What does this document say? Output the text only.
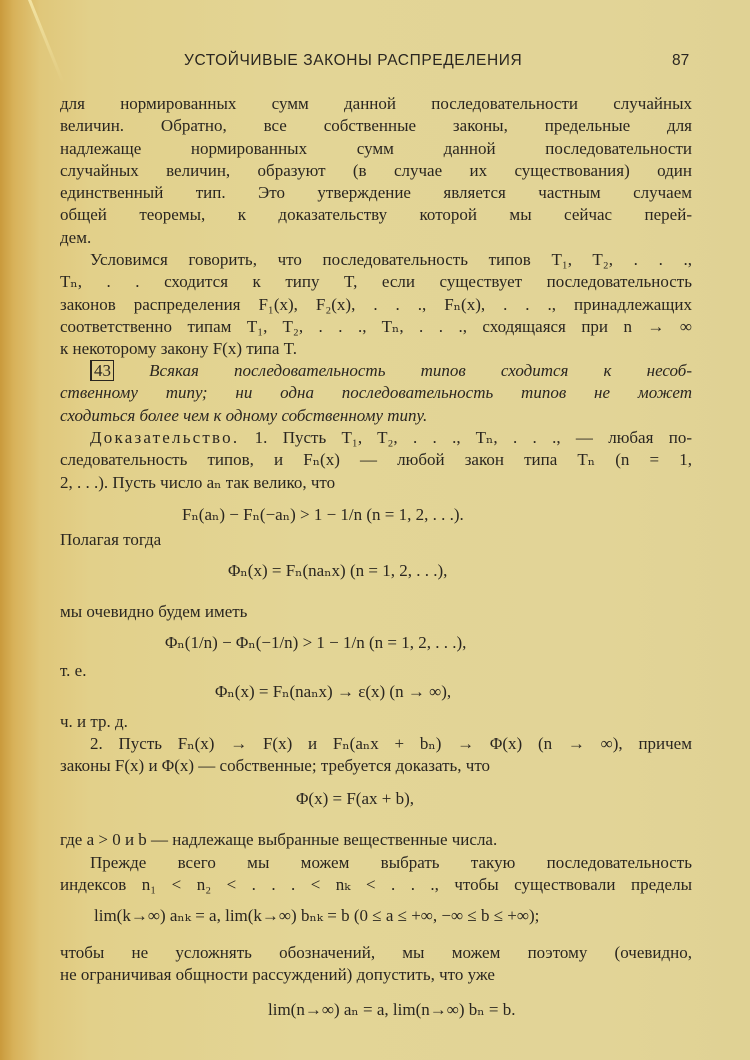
УСТОЙЧИВЫЕ ЗАКОНЫ РАСПРЕДЕЛЕНИЯ	87
для нормированных сумм данной последовательности случайных
величин. Обратно, все собственные законы, предельные для
надлежаще нормированных сумм данной последовательности
случайных величин, образуют (в случае их существования) один
единственный тип. Это утверждение является частным случаем
общей теоремы, к доказательству которой мы сейчас перей-
дем.
Условимся говорить, что последовательность типов T₁, T₂, . . .,
Tₙ, . . сходится к типу T, если существует последовательность
законов распределения F₁(x), F₂(x), . . ., Fₙ(x), . . ., принадлежащих
соответственно типам T₁, T₂, . . ., Tₙ, . . ., сходящаяся при n → ∞
к некоторому закону F(x) типа T.
43 Всякая последовательность типов сходится к несоб-
ственному типу; ни одна последовательность типов не может
сходиться более чем к одному собственному типу.
Доказательство. 1. Пусть T₁, T₂, . . ., Tₙ, . . ., — любая по-
следовательность типов, и Fₙ(x) — любой закон типа Tₙ (n = 1,
2, . . .). Пусть число aₙ так велико, что
Fₙ(aₙ) − Fₙ(−aₙ) > 1 − 1/n (n = 1, 2, . . .).
Полагая тогда
Φₙ(x) = Fₙ(naₙx) (n = 1, 2, . . .),
мы очевидно будем иметь
Φₙ(1/n) − Φₙ(−1/n) > 1 − 1/n (n = 1, 2, . . .),
т. е.
Φₙ(x) = Fₙ(naₙx) → ε(x) (n → ∞),
ч. и тр. д.
2. Пусть Fₙ(x) → F(x) и Fₙ(aₙx + bₙ) → Φ(x) (n → ∞), причем
законы F(x) и Φ(x) — собственные; требуется доказать, что
Φ(x) = F(ax + b),
где a > 0 и b — надлежаще выбранные вещественные числа.
Прежде всего мы можем выбрать такую последовательность
индексов n₁ < n₂ < . . . < nₖ < . . ., чтобы существовали пределы
lim(k→∞) aₙₖ = a, lim(k→∞) bₙₖ = b (0 ≤ a ≤ +∞, −∞ ≤ b ≤ +∞);
чтобы не усложнять обозначений, мы можем поэтому (очевидно,
не ограничивая общности рассуждений) допустить, что уже
lim(n→∞) aₙ = a, lim(n→∞) bₙ = b.
